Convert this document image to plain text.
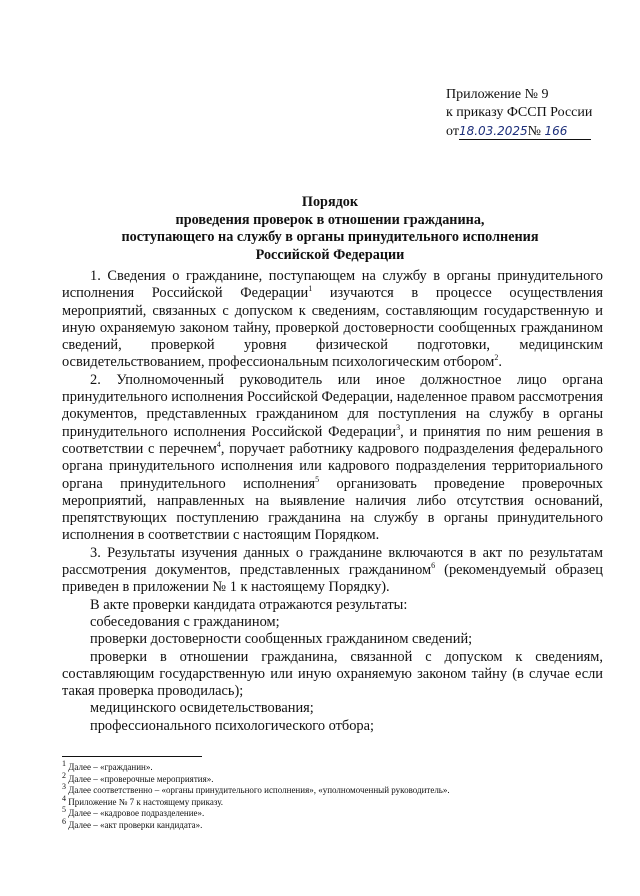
Приложение № 9
к приказу ФССП России
от18.03.2025№ 166
Порядок
проведения проверок в отношении гражданина,
поступающего на службу в органы принудительного исполнения
Российской Федерации

1. Сведения о гражданине, поступающем на службу в органы принудительного исполнения Российской Федерации$^1$ изучаются в процессе осуществления мероприятий, связанных с допуском к сведениям, составляющим государственную и иную охраняемую законом тайну, проверкой достоверности сообщенных гражданином сведений, проверкой уровня физической подготовки, медицинским освидетельствованием, профессиональным психологическим отбором$^2$.

2. Уполномоченный руководитель или иное должностное лицо органа принудительного исполнения Российской Федерации, наделенное правом рассмотрения документов, представленных гражданином для поступления на службу в органы принудительного исполнения Российской Федерации$^3$, и принятия по ним решения в соответствии с перечнем$^4$, поручает работнику кадрового подразделения федерального органа принудительного исполнения или кадрового подразделения территориального органа принудительного исполнения$^5$ организовать проведение проверочных мероприятий, направленных на выявление наличия либо отсутствия оснований, препятствующих поступлению гражданина на службу в органы принудительного исполнения в соответствии с настоящим Порядком.

3. Результаты изучения данных о гражданине включаются в акт по результатам рассмотрения документов, представленных гражданином$^6$ (рекомендуемый образец приведен в приложении № 1 к настоящему Порядку).

В акте проверки кандидата отражаются результаты:

собеседования с гражданином;

проверки достоверности сообщенных гражданином сведений;

проверки в отношении гражданина, связанной с допуском к сведениям, составляющим государственную или иную охраняемую законом тайну (в случае если такая проверка проводилась);

медицинского освидетельствования;

профессионального психологического отбора;

$^1$ Далее – «гражданин».
$^2$ Далее – «проверочные мероприятия».
$^3$ Далее соответственно – «органы принудительного исполнения», «уполномоченный руководитель».
$^4$ Приложение № 7 к настоящему приказу.
$^5$ Далее – «кадровое подразделение».
$^6$ Далее – «акт проверки кандидата».
